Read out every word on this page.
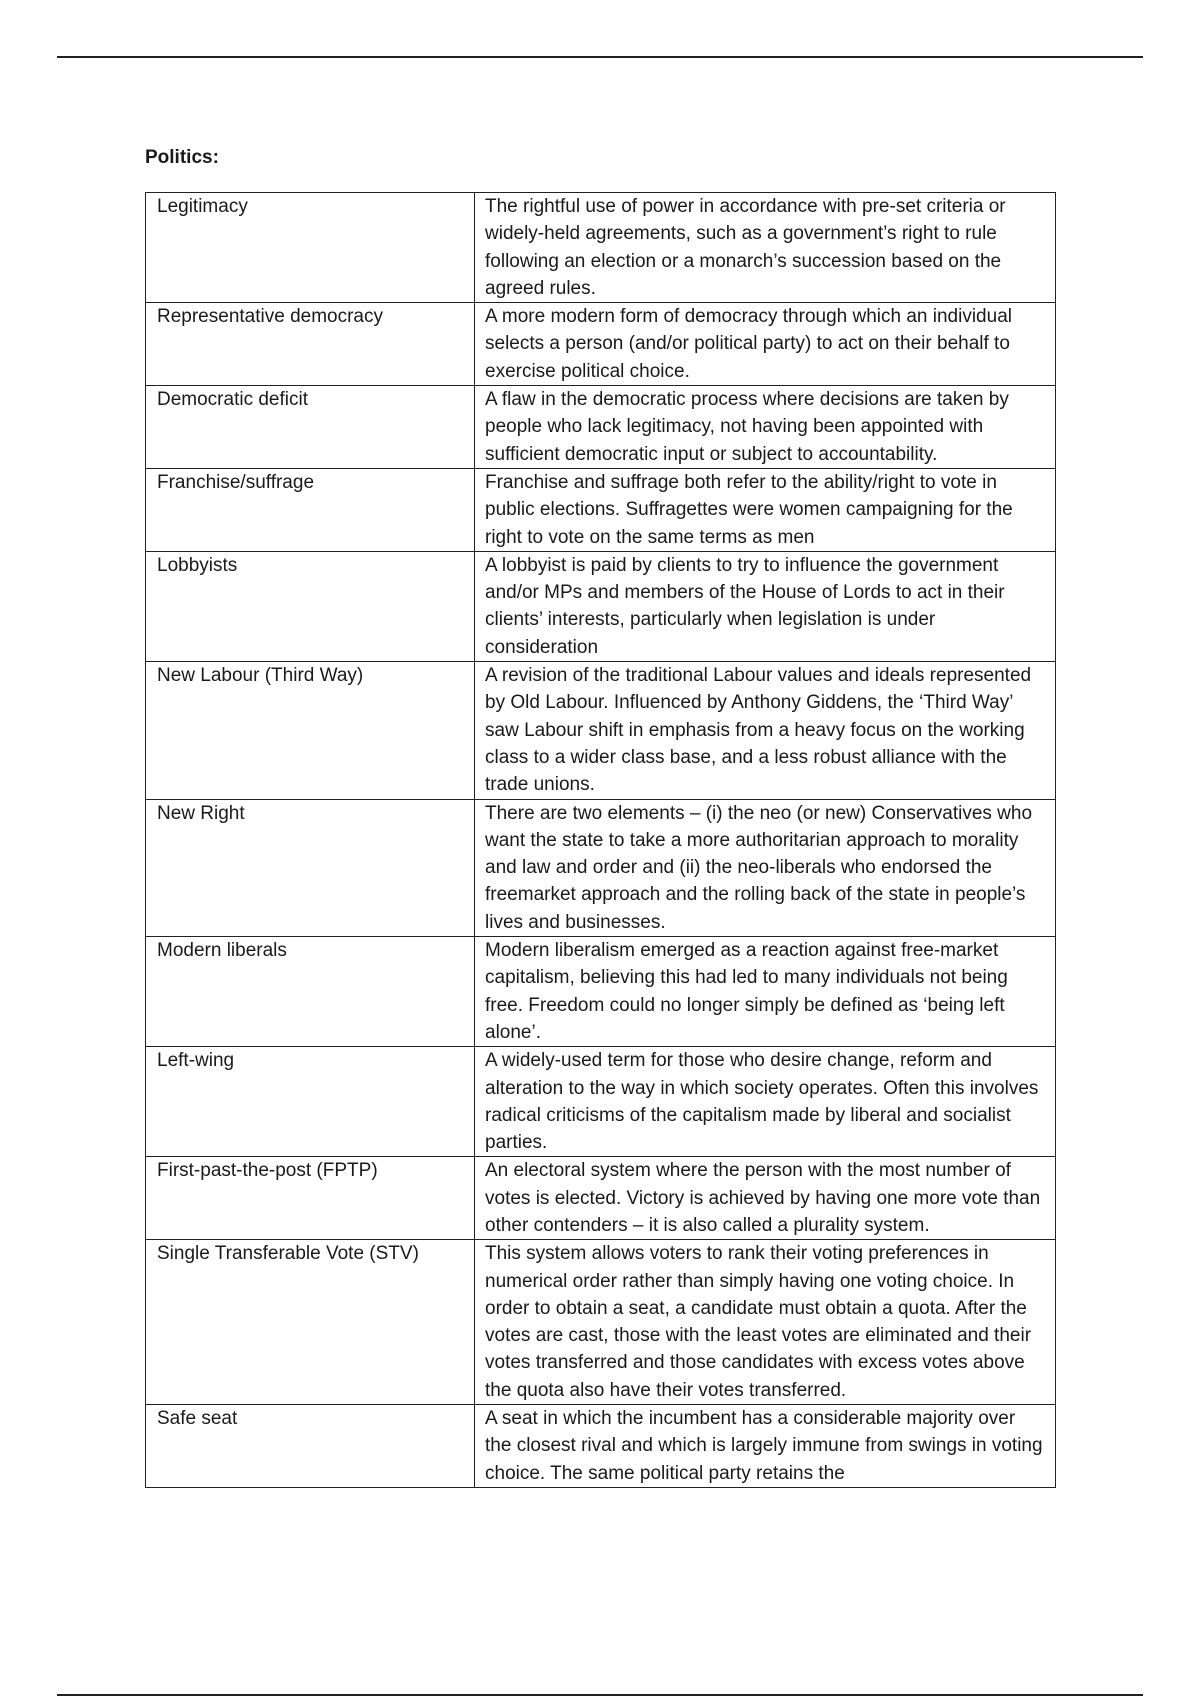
Politics:
Legitimacy	The rightful use of power in accordance with pre-set criteria or widely-held agreements, such as a government’s right to rule following an election or a monarch’s succession based on the agreed rules.
Representative democracy	A more modern form of democracy through which an individual selects a person (and/or political party) to act on their behalf to exercise political choice.
Democratic deficit	A flaw in the democratic process where decisions are taken by people who lack legitimacy, not having been appointed with sufficient democratic input or subject to accountability.
Franchise/suffrage	Franchise and suffrage both refer to the ability/right to vote in public elections. Suffragettes were women campaigning for the right to vote on the same terms as men
Lobbyists	A lobbyist is paid by clients to try to influence the government and/or MPs and members of the House of Lords to act in their clients’ interests, particularly when legislation is under consideration
New Labour (Third Way)	A revision of the traditional Labour values and ideals represented by Old Labour. Influenced by Anthony Giddens, the ‘Third Way’ saw Labour shift in emphasis from a heavy focus on the working class to a wider class base, and a less robust alliance with the trade unions.
New Right	There are two elements – (i) the neo (or new) Conservatives who want the state to take a more authoritarian approach to morality and law and order and (ii) the neo-liberals who endorsed the freemarket approach and the rolling back of the state in people’s lives and businesses.
Modern liberals	Modern liberalism emerged as a reaction against free-market capitalism, believing this had led to many individuals not being free. Freedom could no longer simply be defined as ‘being left alone’.
Left-wing	A widely-used term for those who desire change, reform and alteration to the way in which society operates. Often this involves radical criticisms of the capitalism made by liberal and socialist parties.
First-past-the-post (FPTP)	An electoral system where the person with the most number of votes is elected. Victory is achieved by having one more vote than other contenders – it is also called a plurality system.
Single Transferable Vote (STV)	This system allows voters to rank their voting preferences in numerical order rather than simply having one voting choice. In order to obtain a seat, a candidate must obtain a quota. After the votes are cast, those with the least votes are eliminated and their votes transferred and those candidates with excess votes above the quota also have their votes transferred.
Safe seat	A seat in which the incumbent has a considerable majority over the closest rival and which is largely immune from swings in voting choice. The same political party retains the
